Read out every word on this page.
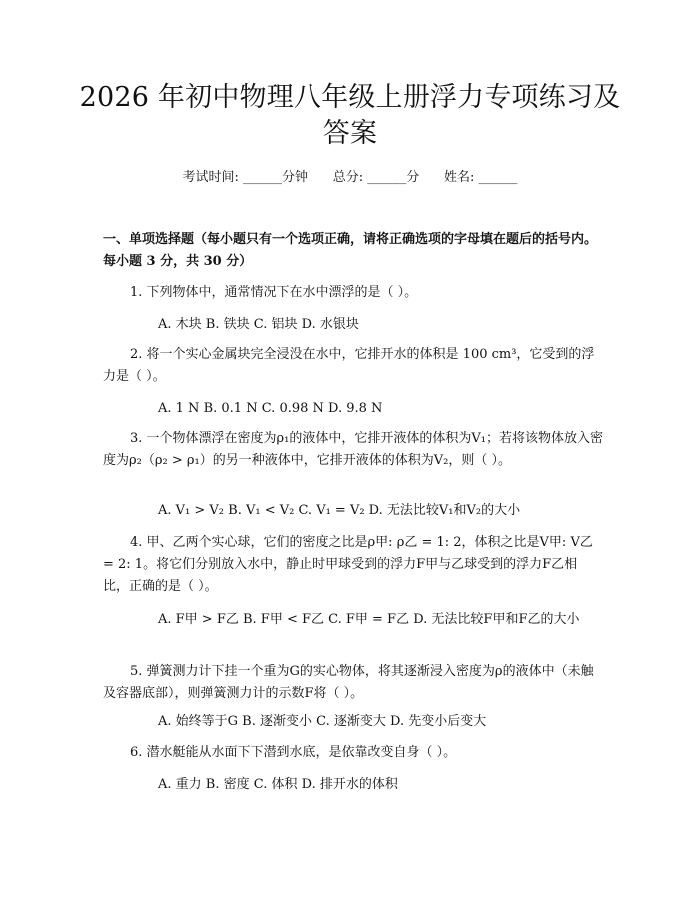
2026 年初中物理八年级上册浮力专项练习及答案
考试时间: ______分钟      总分: ______分      姓名: ______
一、单项选择题（每小题只有一个选项正确，请将正确选项的字母填在题后的括号内。每小题 3 分，共 30 分）
1. 下列物体中，通常情况下在水中漂浮的是（ ）。
A. 木块 B. 铁块 C. 铝块 D. 水银块
2. 将一个实心金属块完全浸没在水中，它排开水的体积是 100 cm³，它受到的浮力是（ ）。
A. 1 N B. 0.1 N C. 0.98 N D. 9.8 N
3. 一个物体漂浮在密度为ρ₁的液体中，它排开液体的体积为V₁；若将该物体放入密度为ρ₂（ρ₂ > ρ₁）的另一种液体中，它排开液体的体积为V₂，则（ ）。
A. V₁ > V₂ B. V₁ < V₂ C. V₁ = V₂ D. 无法比较V₁和V₂的大小
4. 甲、乙两个实心球，它们的密度之比是ρ甲: ρ乙 = 1: 2，体积之比是V甲: V乙 = 2: 1。将它们分别放入水中，静止时甲球受到的浮力F甲与乙球受到的浮力F乙相比，正确的是（ ）。
A. F甲 > F乙 B. F甲 < F乙 C. F甲 = F乙 D. 无法比较F甲和F乙的大小
5. 弹簧测力计下挂一个重为G的实心物体，将其逐渐浸入密度为ρ的液体中（未触及容器底部），则弹簧测力计的示数F将（ ）。
A. 始终等于G B. 逐渐变小 C. 逐渐变大 D. 先变小后变大
6. 潜水艇能从水面下下潜到水底，是依靠改变自身（ ）。
A. 重力 B. 密度 C. 体积 D. 排开水的体积
